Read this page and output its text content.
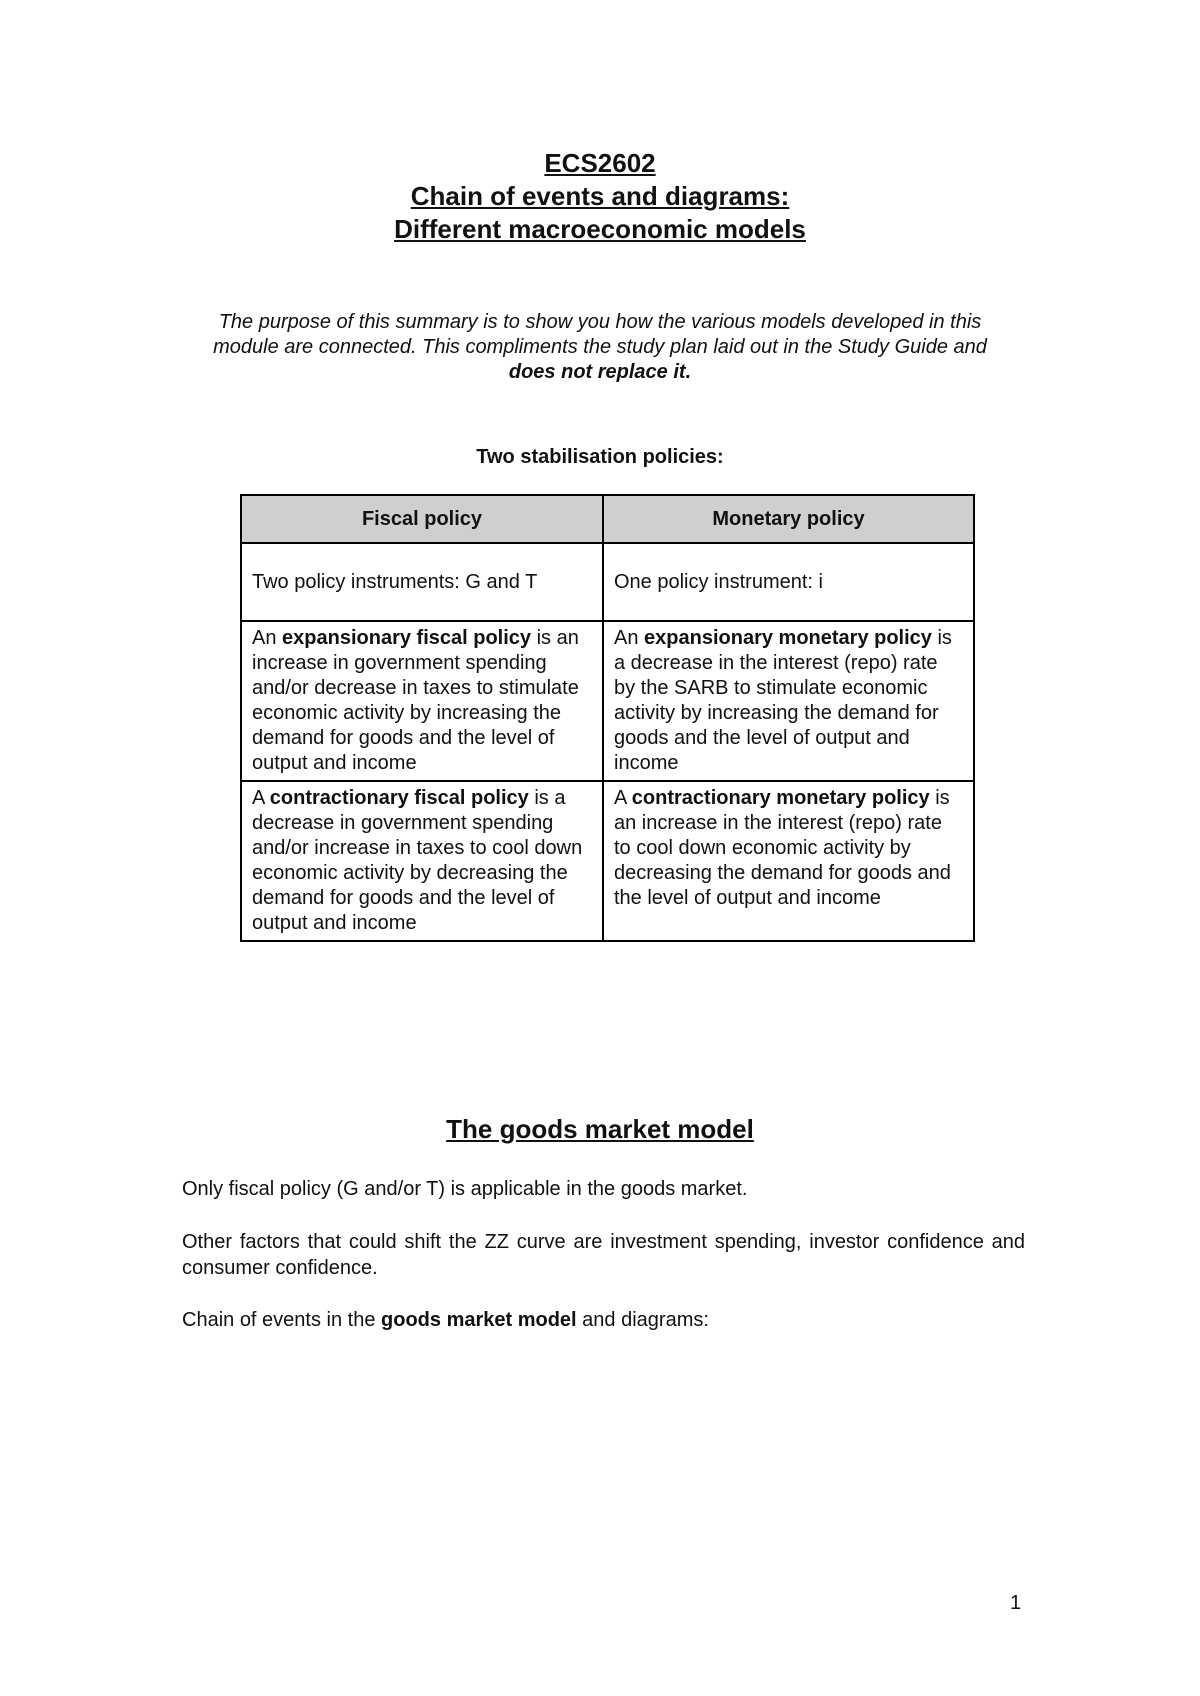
ECS2602
Chain of events and diagrams:
Different macroeconomic models
The purpose of this summary is to show you how the various models developed in this module are connected. This compliments the study plan laid out in the Study Guide and does not replace it.
Two stabilisation policies:
Fiscal policy	Monetary policy
Two policy instruments: G and T	One policy instrument: i
An expansionary fiscal policy is an increase in government spending and/or decrease in taxes to stimulate economic activity by increasing the demand for goods and the level of output and income	An expansionary monetary policy is a decrease in the interest (repo) rate by the SARB to stimulate economic activity by increasing the demand for goods and the level of output and income
A contractionary fiscal policy is a decrease in government spending and/or increase in taxes to cool down economic activity by decreasing the demand for goods and the level of output and income	A contractionary monetary policy is an increase in the interest (repo) rate to cool down economic activity by decreasing the demand for goods and the level of output and income
The goods market model
Only fiscal policy (G and/or T) is applicable in the goods market.
Other factors that could shift the ZZ curve are investment spending, investor confidence and consumer confidence.
Chain of events in the goods market model and diagrams:
1
